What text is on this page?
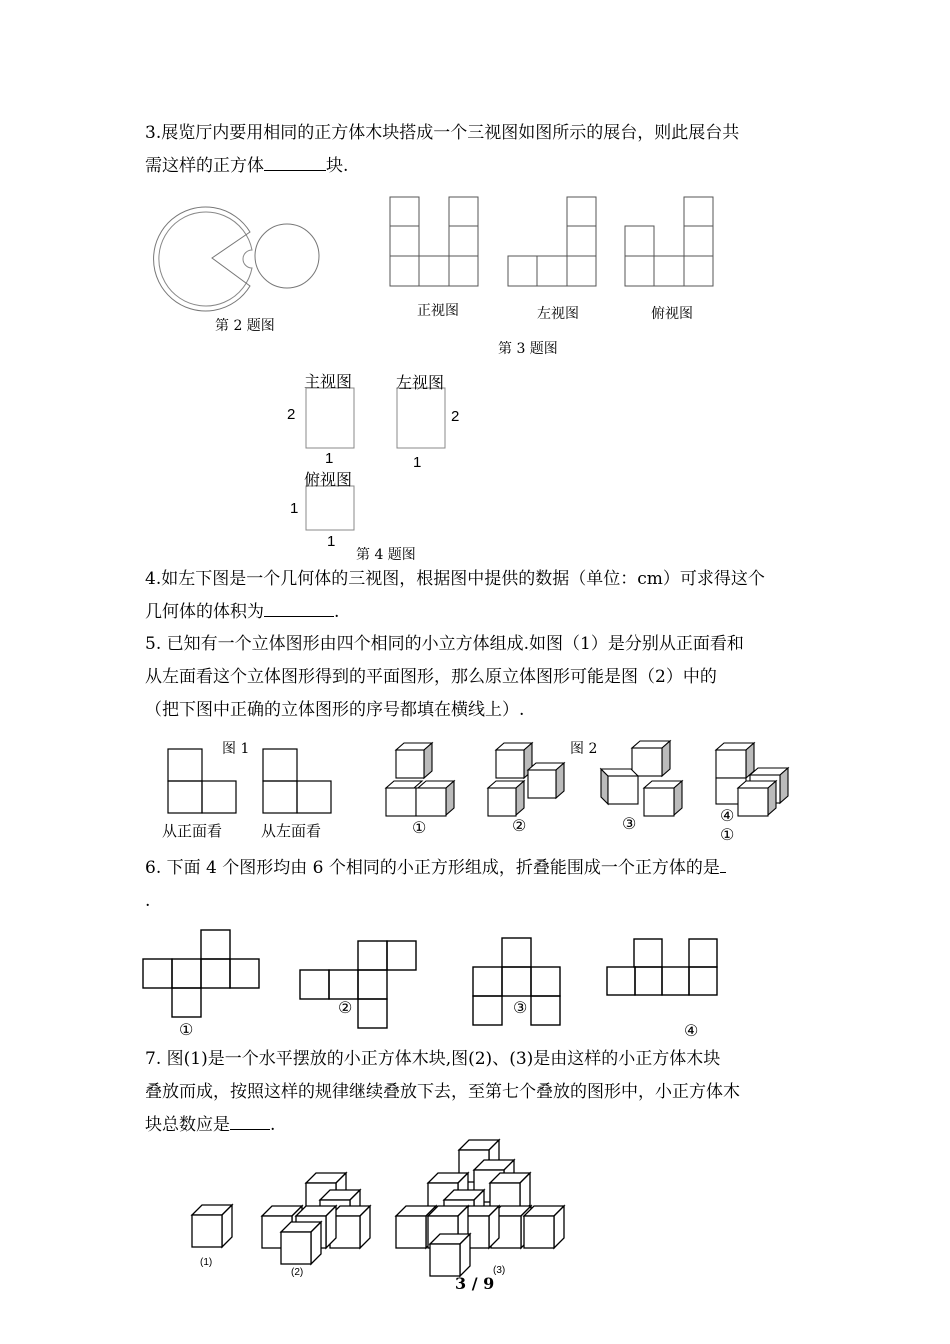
3.展览厅内要用相同的正方体木块搭成一个三视图如图所示的展台，则此展台共
需这样的正方体	块.
第 2 题图
正视图	左视图	俯视图
第 3 题图
主视图	左视图
俯视图
2
1
2
1
1
1
第 4 题图
4.如左下图是一个几何体的三视图，根据图中提供的数据（单位：cm）可求得这个
几何体的体积为	.
5. 已知有一个立体图形由四个相同的小立方体组成.如图（1）是分别从正面看和
从左面看这个立体图形得到的平面图形，那么原立体图形可能是图（2）中的
（把下图中正确的立体图形的序号都填在横线上）.
图 1	图 2
从正面看	从左面看	①	②	③	④
①
6. 下面 4 个图形均由 6 个相同的小正方形组成，折叠能围成一个正方体的是
.
①
②	③
④
7. 图(1)是一个水平摆放的小正方体木块,图(2)、(3)是由这样的小正方体木块
叠放而成，按照这样的规律继续叠放下去，至第七个叠放的图形中，小正方体木
块总数应是 .
(1)
(2)	(3)
3 / 9
